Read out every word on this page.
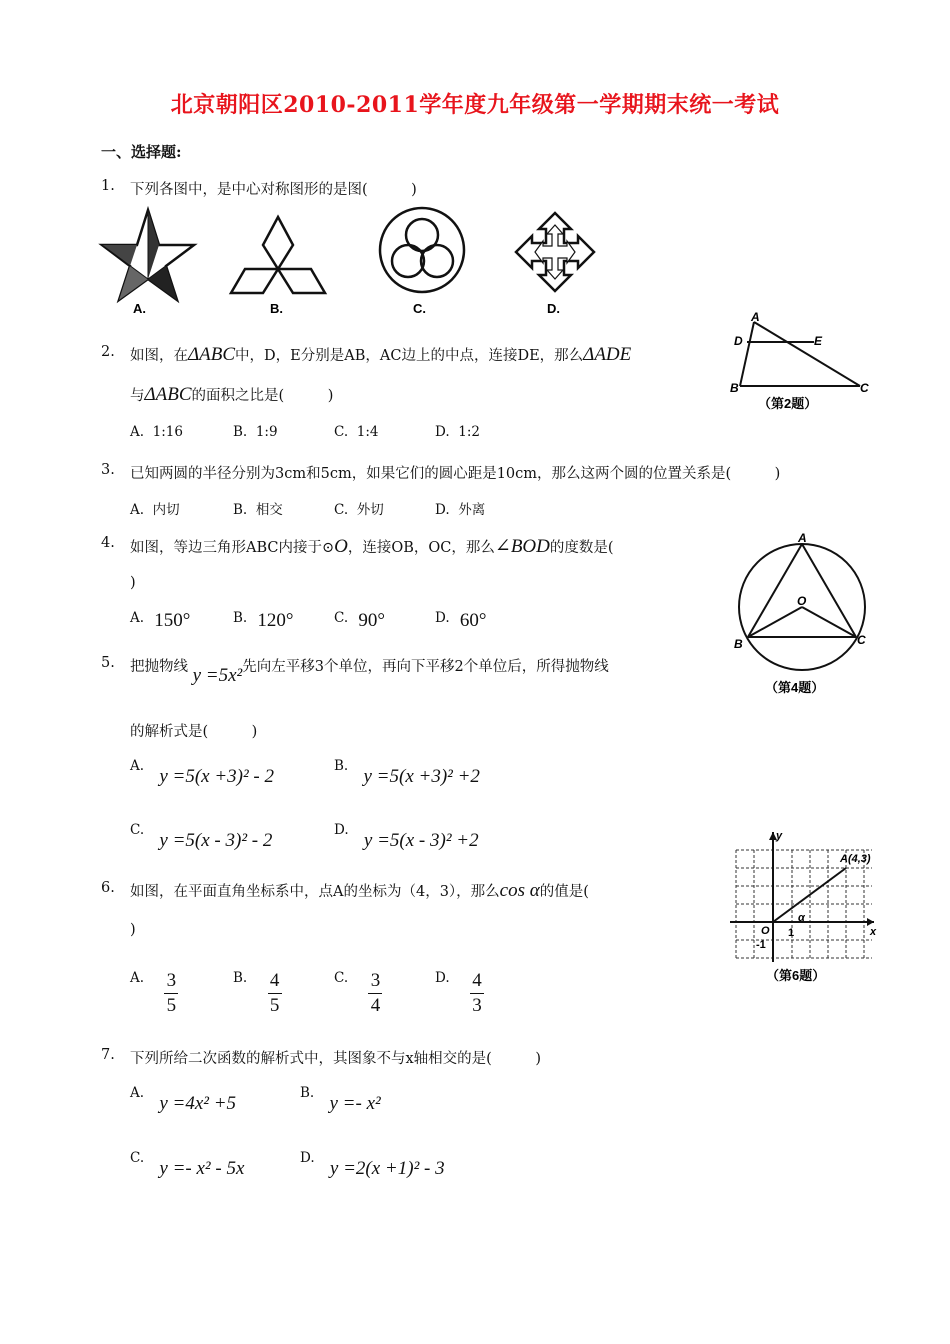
北京朝阳区2010-2011学年度九年级第一学期期末统一考试
一、选择题:
1. 下列各图中，是中心对称图形的是图(　　　)
A.	B.	C.	D.
2. 如图，在ΔABC中，D，E分别是AB，AC边上的中点，连接DE，那么ΔADE
与ΔABC的面积之比是(　　　)
A. 1:16	B. 1:9	C. 1:4	D. 1:2
A
D	E
B	C
（第2题）
3. 已知两圆的半径分别为3cm和5cm，如果它们的圆心距是10cm，那么这两个圆的位置关系是(　　　)
A. 内切	B. 相交	C. 外切	D. 外离
4. 如图，等边三角形ABC内接于⊙O，连接OB，OC，那么∠BOD的度数是(
)
$^{A.}$ 150°	$^{B.}$ 120°	$^{C.}$ 90°	$^{D.}$ 60°
A
O
B	C
（第4题）
5. 把抛物线 y =5x²先向左平移3个单位，再向下平移2个单位后，所得抛物线
的解析式是(　　　)
$^{A.}$ y =5(x +3)² - 2	$^{B.}$ y =5(x +3)² +2
$^{C.}$ y =5(x - 3)² - 2	$^{D.}$ y =5(x - 3)² +2
6. 如图，在平面直角坐标系中，点A的坐标为（4，3），那么cos α的值是(
)
$^{A.} \frac{3}{5}$	$^{B.} \frac{4}{5}$	$^{C.} \frac{3}{4}$	$^{D.} \frac{4}{3}$
y
x
O
A(4,3)
α
1
-1
（第6题）
7. 下列所给二次函数的解析式中，其图象不与x轴相交的是(　　　)
$^{A.}$ y =4x² +5	$^{B.}$ y =- x²
$^{C.}$ y =- x² - 5x	$^{D.}$ y =2(x +1)² - 3
